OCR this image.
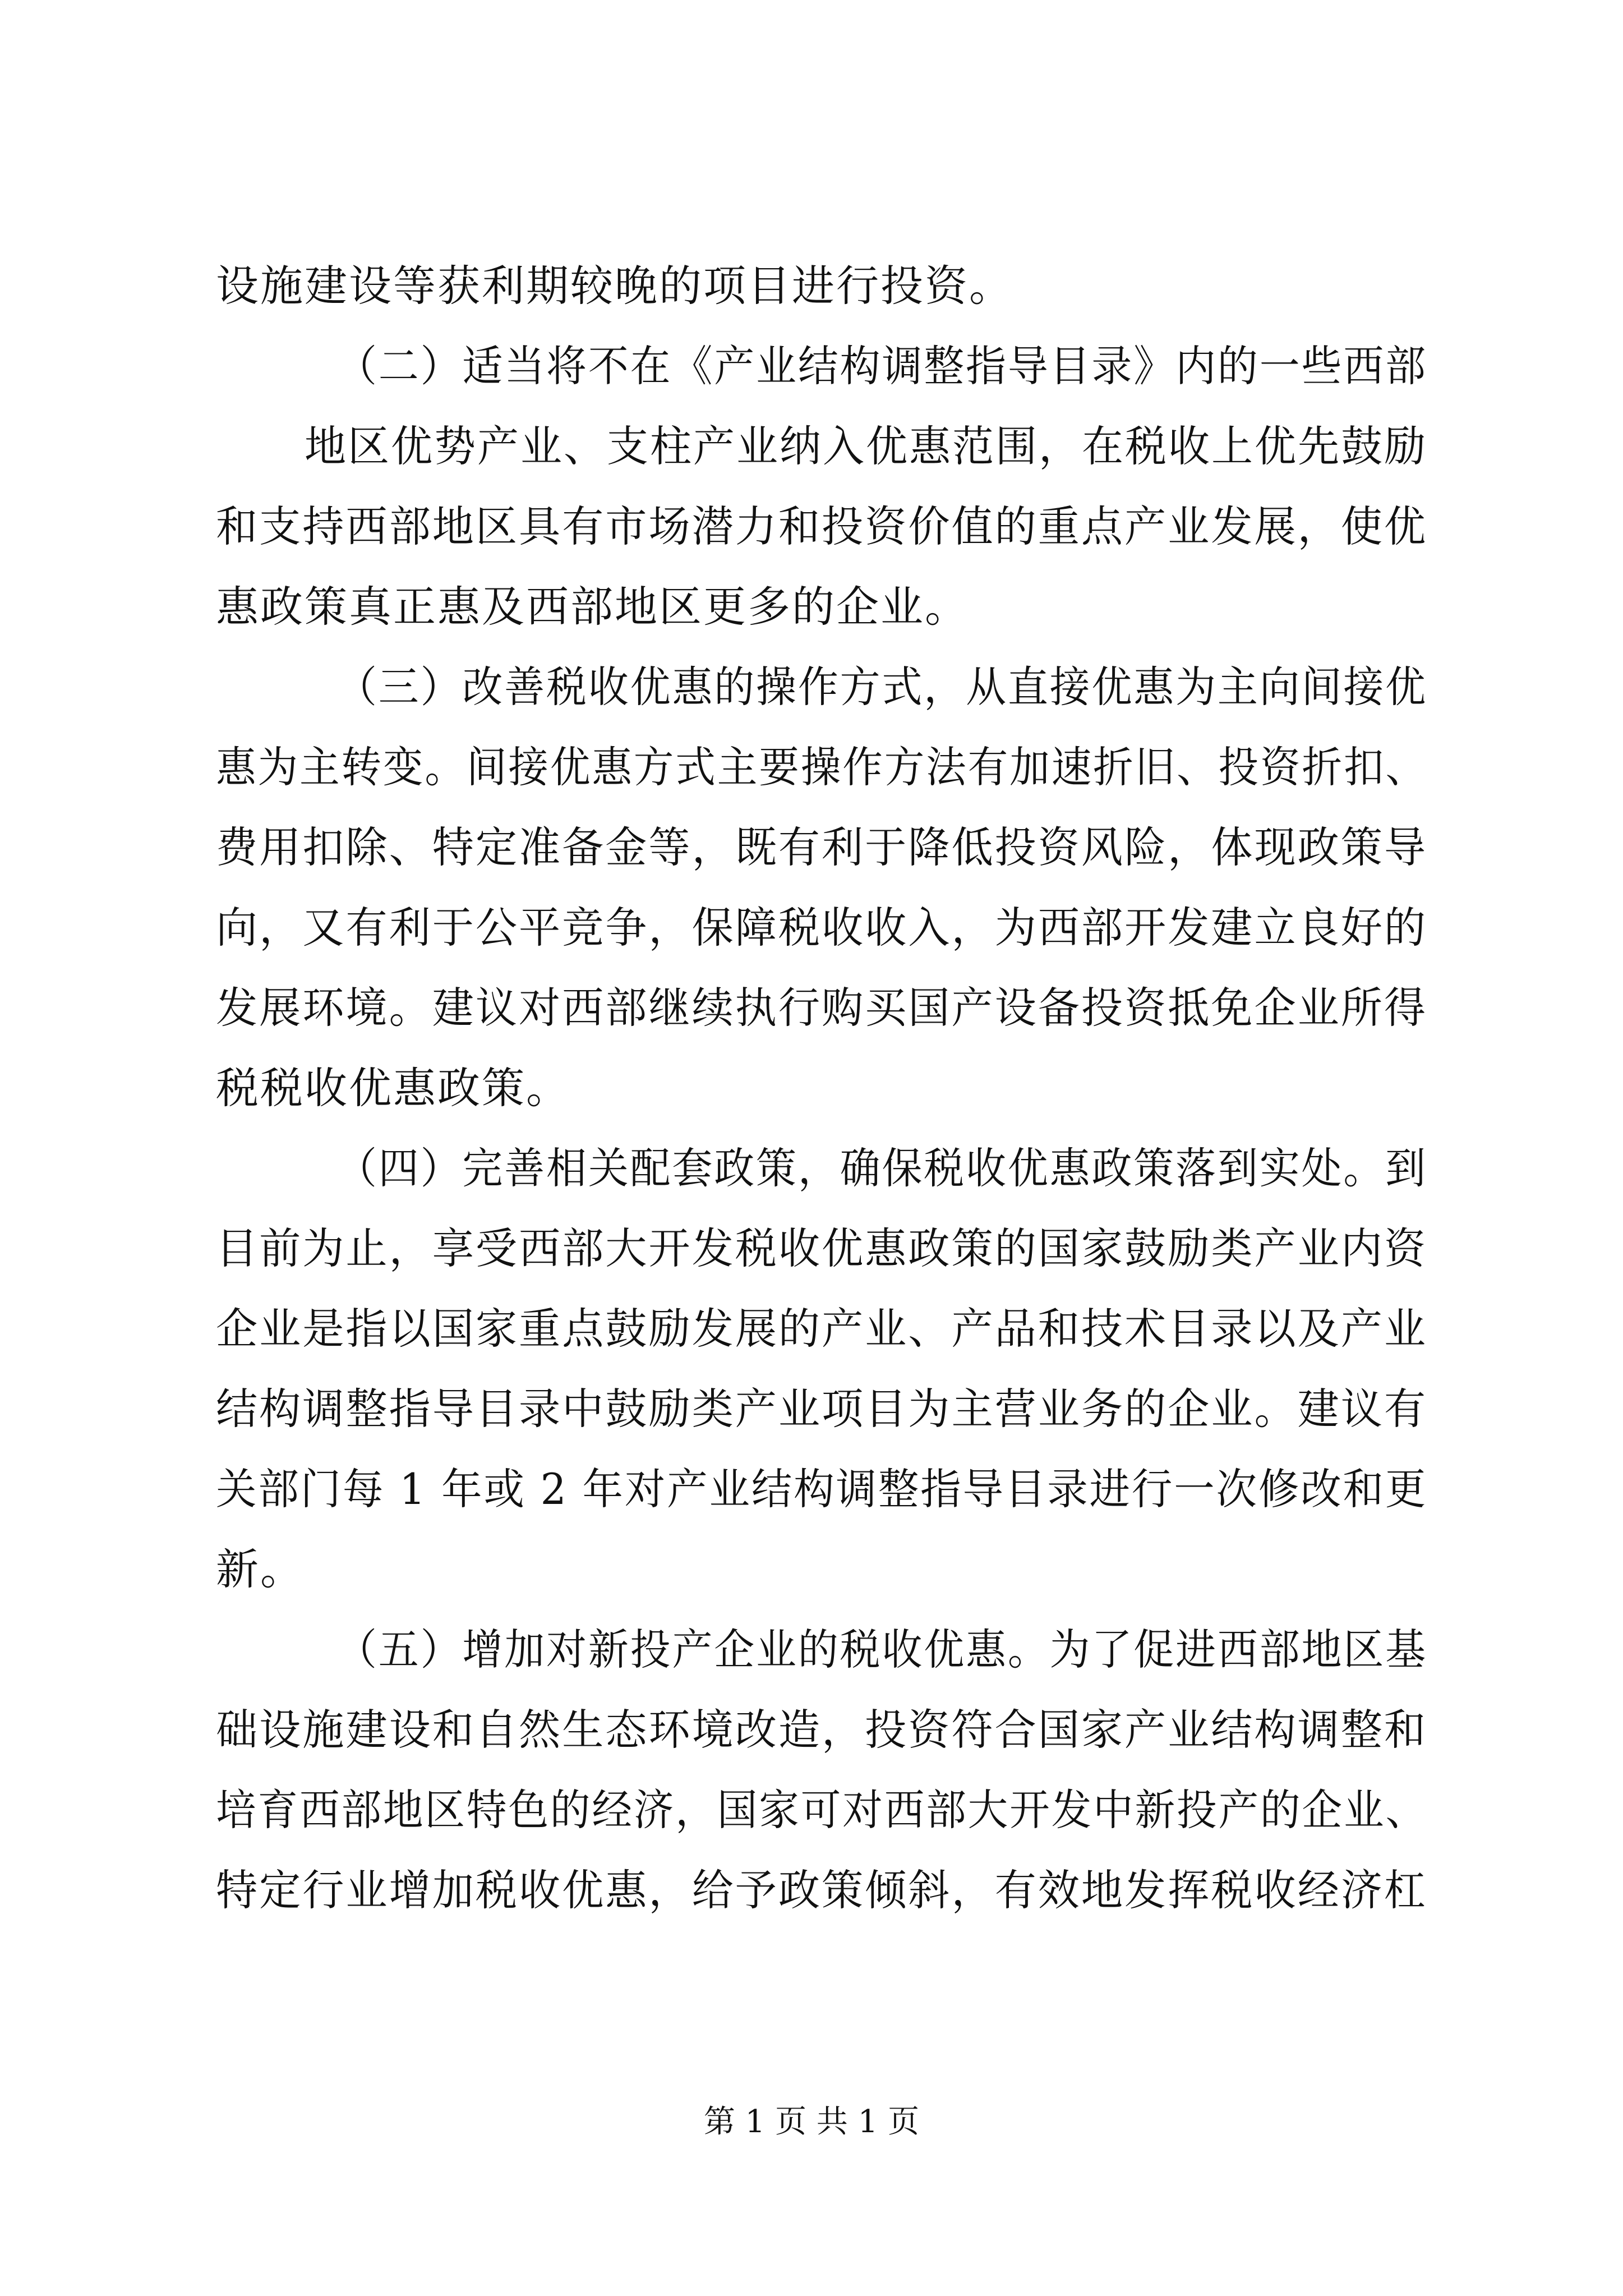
设施建设等获利期较晚的项目进行投资。
（二）适当将不在《产业结构调整指导目录》内的一些西部
地区优势产业、支柱产业纳入优惠范围，在税收上优先鼓励
和支持西部地区具有市场潜力和投资价值的重点产业发展，使优
惠政策真正惠及西部地区更多的企业。
（三）改善税收优惠的操作方式，从直接优惠为主向间接优
惠为主转变。间接优惠方式主要操作方法有加速折旧、投资折扣、
费用扣除、特定准备金等，既有利于降低投资风险，体现政策导
向，又有利于公平竞争，保障税收收入，为西部开发建立良好的
发展环境。建议对西部继续执行购买国产设备投资抵免企业所得
税税收优惠政策。
（四）完善相关配套政策，确保税收优惠政策落到实处。到
目前为止，享受西部大开发税收优惠政策的国家鼓励类产业内资
企业是指以国家重点鼓励发展的产业、产品和技术目录以及产业
结构调整指导目录中鼓励类产业项目为主营业务的企业。建议有
关部门每 1 年或 2 年对产业结构调整指导目录进行一次修改和更
新。
（五）增加对新投产企业的税收优惠。为了促进西部地区基
础设施建设和自然生态环境改造，投资符合国家产业结构调整和
培育西部地区特色的经济，国家可对西部大开发中新投产的企业、
特定行业增加税收优惠，给予政策倾斜，有效地发挥税收经济杠
第 1 页 共 1 页
